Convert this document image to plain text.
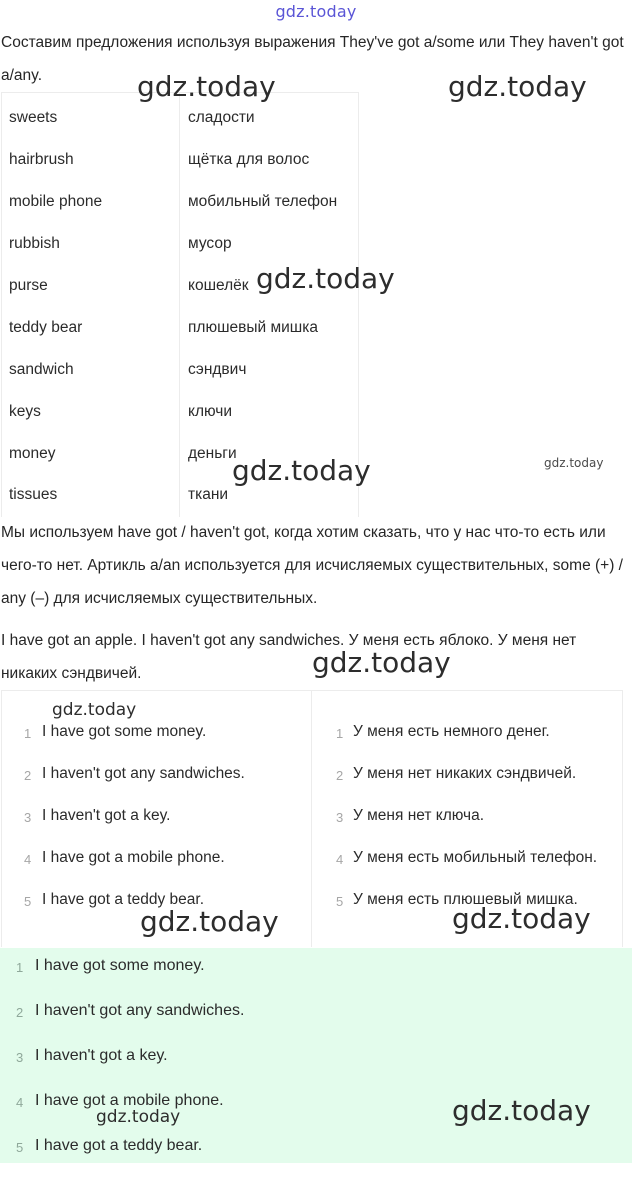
gdz.today
Составим предложения используя выражения They've got a/some или They haven't got a/any.
sweets	сладости
hairbrush	щётка для волос
mobile phone	мобильный телефон
rubbish	мусор
purse	кошелёк
teddy bear	плюшевый мишка
sandwich	сэндвич
keys	ключи
money	деньги
tissues	ткани
Мы используем have got / haven't got, когда хотим сказать, что у нас что-то есть или чего-то нет. Артикль a/an используется для исчисляемых существительных, some (+) / any (–) для исчисляемых существительных.
I have got an apple. I haven't got any sandwiches. У меня есть яблоко. У меня нет никаких сэндвичей.
1 I have got some money.
2 I haven't got any sandwiches.
3 I haven't got a key.
4 I have got a mobile phone.
5 I have got a teddy bear.
1 У меня есть немного денег.
2 У меня нет никаких сэндвичей.
3 У меня нет ключа.
4 У меня есть мобильный телефон.
5 У меня есть плюшевый мишка.
1 I have got some money.
2 I haven't got any sandwiches.
3 I haven't got a key.
4 I have got a mobile phone.
5 I have got a teddy bear.
gdz.today	gdz.today
gdz.today
gdz.today	gdz.today
gdz.today
gdz.today
gdz.today	gdz.today
gdz.today	gdz.today
